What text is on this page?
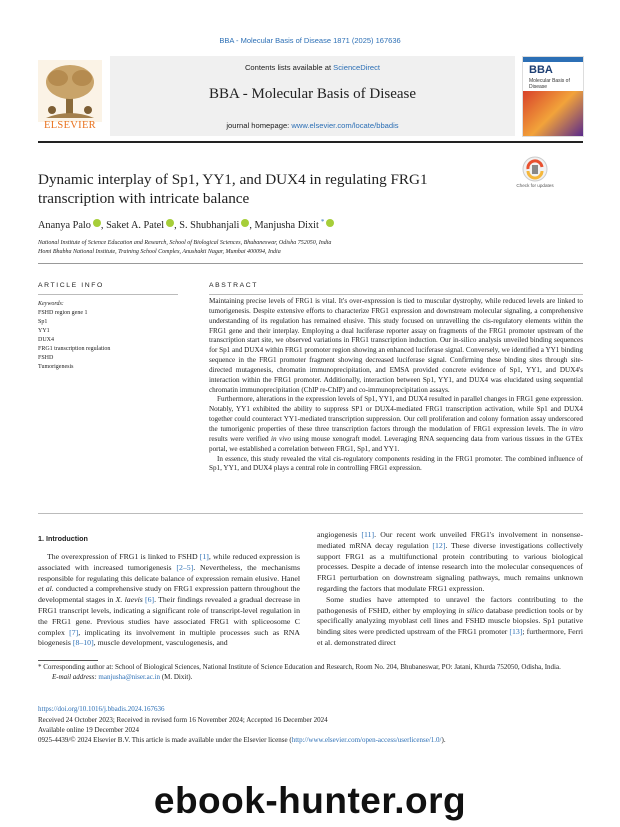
BBA - Molecular Basis of Disease 1871 (2025) 167636
ELSEVIER
Contents lists available at ScienceDirect
BBA - Molecular Basis of Disease
journal homepage: www.elsevier.com/locate/bbadis
BBA
Molecular Basis of Disease
Dynamic interplay of Sp1, YY1, and DUX4 in regulating FRG1 transcription with intricate balance
Check for updates
Ananya Palo , Saket A. Patel , S. Shubhanjali , Manjusha Dixit *
National Institute of Science Education and Research, School of Biological Sciences, Bhubaneswar, Odisha 752050, India
Homi Bhabha National Institute, Training School Complex, Anushakti Nagar, Mumbai 400094, India
ARTICLE INFO	ABSTRACT
Keywords:
FSHD region gene 1
Sp1
YY1
DUX4
FRG1 transcription regulation
FSHD
Tumorigenesis

Maintaining precise levels of FRG1 is vital. It's over-expression is tied to muscular dystrophy, while reduced levels are linked to tumorigenesis. Despite extensive efforts to characterize FRG1 expression and downstream molecular signaling, a comprehensive understanding of its regulation has remained elusive. This study focused on unravelling the cis-regulatory elements within the FRG1 gene and their interplay. Employing a dual luciferase reporter assay on fragments of the FRG1 promoter upstream of the transcription start site, we observed variations in FRG1 transcription induction. Our in-silico analysis unveiled binding sequences for Sp1 and DUX4 within FRG1 promoter region showing an enhanced luciferase signal. Conversely, we identified a YY1 binding sequence in the FRG1 promoter fragment showing decreased luciferase signal. Confirming these binding sites through site-directed mutagenesis, chromatin immunoprecipitation, and EMSA provided concrete evidence of Sp1, YY1, and DUX4's interaction within the FRG1 promoter. Additionally, interaction between Sp1, YY1, and DUX4 was elucidated using sequential chromatin immunoprecipitation (ChIP re-ChIP) and co-immunoprecipitation assays.

Furthermore, alterations in the expression levels of Sp1, YY1, and DUX4 resulted in parallel changes in FRG1 gene expression. Notably, YY1 exhibited the ability to suppress SP1 or DUX4-mediated FRG1 transcription activation, while Sp1 and DUX4 together could counteract YY1-mediated transcription suppression. Our cell proliferation and colony formation assay underscored the tumorigenic properties of these three transcription factors through the modulation of FRG1 expression levels. The in vitro results were verified in vivo using mouse xenograft model. Leveraging RNA sequencing data from various tissues in the GTEx portal, we established a correlation between FRG1, Sp1, and YY1.

In essence, this study revealed the vital cis-regulatory components residing in the FRG1 promoter. The combined influence of Sp1, YY1, and DUX4 plays a central role in controlling FRG1 expression.

1. Introduction

The overexpression of FRG1 is linked to FSHD [1], while reduced expression is associated with increased tumorigenesis [2–5]. Nevertheless, the mechanisms responsible for regulating this delicate balance of expression remain elusive. Hanel et al. conducted a comprehensive study on FRG1 expression pattern throughout the developmental stages in X. laevis [6]. Their findings revealed a gradual decrease in FRG1 transcript levels, indicating a significant role of transcript-level regulation in the FRG1 gene. Previous studies have associated FRG1 with spliceosome C complex [7], implicating its involvement in multiple processes such as RNA biogenesis [8–10], muscle development, vasculogenesis, and

angiogenesis [11]. Our recent work unveiled FRG1's involvement in nonsense-mediated mRNA decay regulation [12]. These diverse investigations collectively support FRG1 as a multifunctional protein contributing to various biological processes. Despite a decade of intense research into the molecular consequences of FRG1 perturbation on downstream signaling pathways, much remains unknown regarding the factors that modulate FRG1 expression.

Some studies have attempted to unravel the factors contributing to the pathogenesis of FSHD, either by employing in silico database prediction tools or by specifically analyzing myoblast cell lines and FSHD muscle biopsies. Sp1 putative binding sites were predicted upstream of the FRG1 promoter [13]; furthermore, Ferri et al. demonstrated direct

* Corresponding author at: School of Biological Sciences, National Institute of Science Education and Research, Room No. 204, Bhubaneswar, PO: Jatani, Khurda 752050, Odisha, India.
E-mail address: manjusha@niser.ac.in (M. Dixit).
https://doi.org/10.1016/j.bbadis.2024.167636
Received 24 October 2023; Received in revised form 16 November 2024; Accepted 16 December 2024
Available online 19 December 2024
0925-4439/© 2024 Elsevier B.V. This article is made available under the Elsevier license (http://www.elsevier.com/open-access/userlicense/1.0/).
ebook-hunter.org
